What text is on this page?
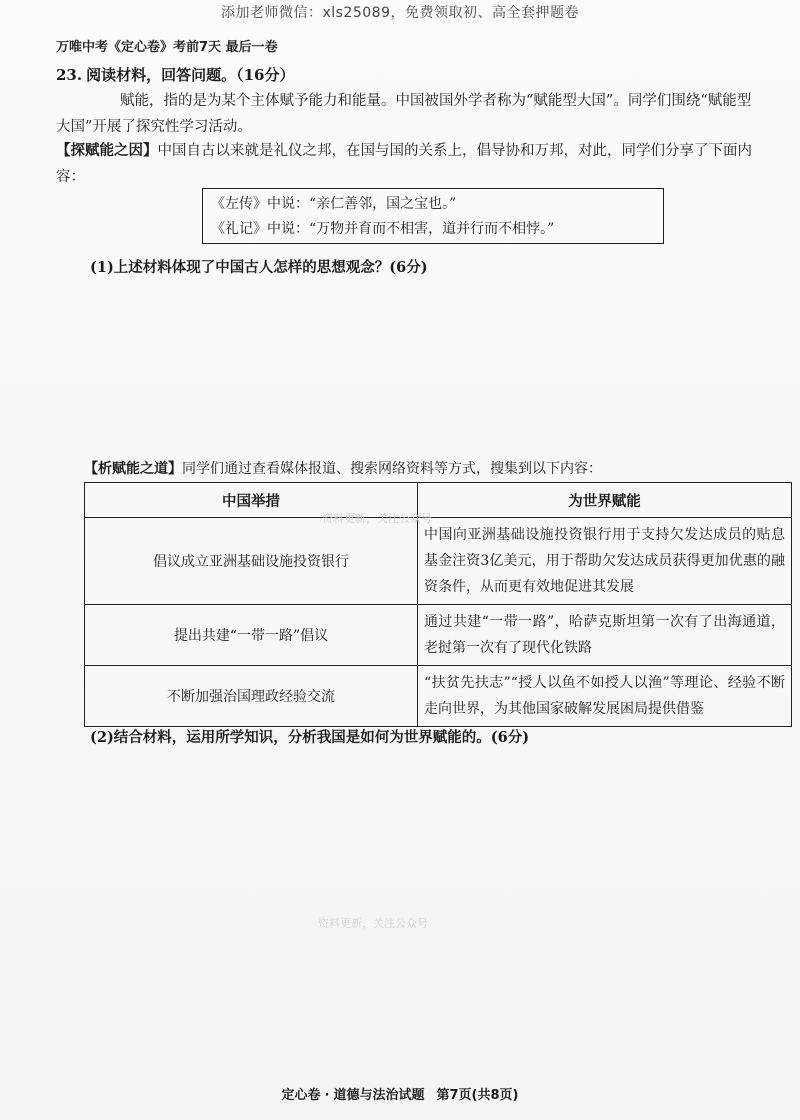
添加老师微信：xls25089，免费领取初、高全套押题卷
万唯中考《定心卷》考前7天 最后一卷
23. 阅读材料，回答问题。（16分）
赋能，指的是为某个主体赋予能力和能量。中国被国外学者称为“赋能型大国”。同学们围绕“赋能型大国”开展了探究性学习活动。
【探赋能之因】中国自古以来就是礼仪之邦，在国与国的关系上，倡导协和万邦，对此，同学们分享了下面内容：
《左传》中说：“亲仁善邻，国之宝也。”
《礼记》中说：“万物并育而不相害，道并行而不相悖。”
(1)上述材料体现了中国古人怎样的思想观念？(6分)
【析赋能之道】同学们通过查看媒体报道、搜索网络资料等方式，搜集到以下内容：
中国举措	为世界赋能
倡议成立亚洲基础设施投资银行	中国向亚洲基础设施投资银行用于支持欠发达成员的贴息基金注资3亿美元，用于帮助欠发达成员获得更加优惠的融资条件，从而更有效地促进其发展
提出共建“一带一路”倡议	通过共建“一带一路”，哈萨克斯坦第一次有了出海通道，老挝第一次有了现代化铁路
不断加强治国理政经验交流	“扶贫先扶志”“授人以鱼不如授人以渔”等理论、经验不断走向世界，为其他国家破解发展困局提供借鉴
资料更新，关注公众号
(2)结合材料，运用所学知识，分析我国是如何为世界赋能的。(6分)
资料更新，关注公众号
定心卷 · 道德与法治试题 第7页(共8页)
